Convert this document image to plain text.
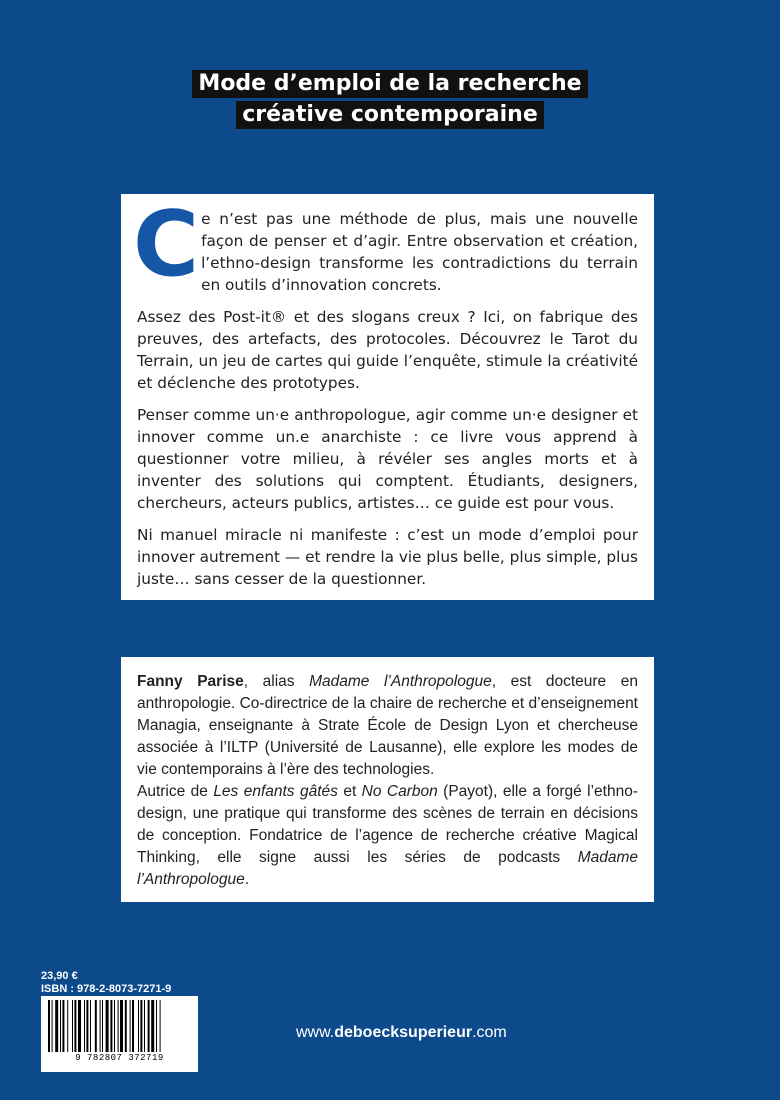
Mode d’emploi de la recherche
créative contemporaine
C e n’est pas une méthode de plus, mais une nouvelle façon de penser et d’agir. Entre observation et création, l’ethno-design transforme les contradictions du terrain en outils d’innovation concrets.

Assez des Post-it® et des slogans creux ? Ici, on fabrique des preuves, des artefacts, des protocoles. Découvrez le Tarot du Terrain, un jeu de cartes qui guide l’enquête, stimule la créativité et déclenche des prototypes.

Penser comme un·e anthropologue, agir comme un·e designer et innover comme un.e anarchiste : ce livre vous apprend à questionner votre milieu, à révéler ses angles morts et à inventer des solutions qui comptent. Étudiants, designers, chercheurs, acteurs publics, artistes… ce guide est pour vous.

Ni manuel miracle ni manifeste : c’est un mode d’emploi pour innover autrement — et rendre la vie plus belle, plus simple, plus juste… sans cesser de la questionner.

Fanny Parise, alias Madame l’Anthropologue, est docteure en anthropologie. Co-directrice de la chaire de recherche et d’enseignement Managia, enseignante à Strate École de Design Lyon et chercheuse associée à l’ILTP (Université de Lausanne), elle explore les modes de vie contemporains à l’ère des technologies.

Autrice de Les enfants gâtés et No Carbon (Payot), elle a forgé l’ethno-design, une pratique qui transforme des scènes de terrain en décisions de conception. Fondatrice de l’agence de recherche créative Magical Thinking, elle signe aussi les séries de podcasts Madame l’Anthropologue.

23,90 €
ISBN : 978-2-8073-7271-9
9 782807 372719
www.deboecksuperieur.com
